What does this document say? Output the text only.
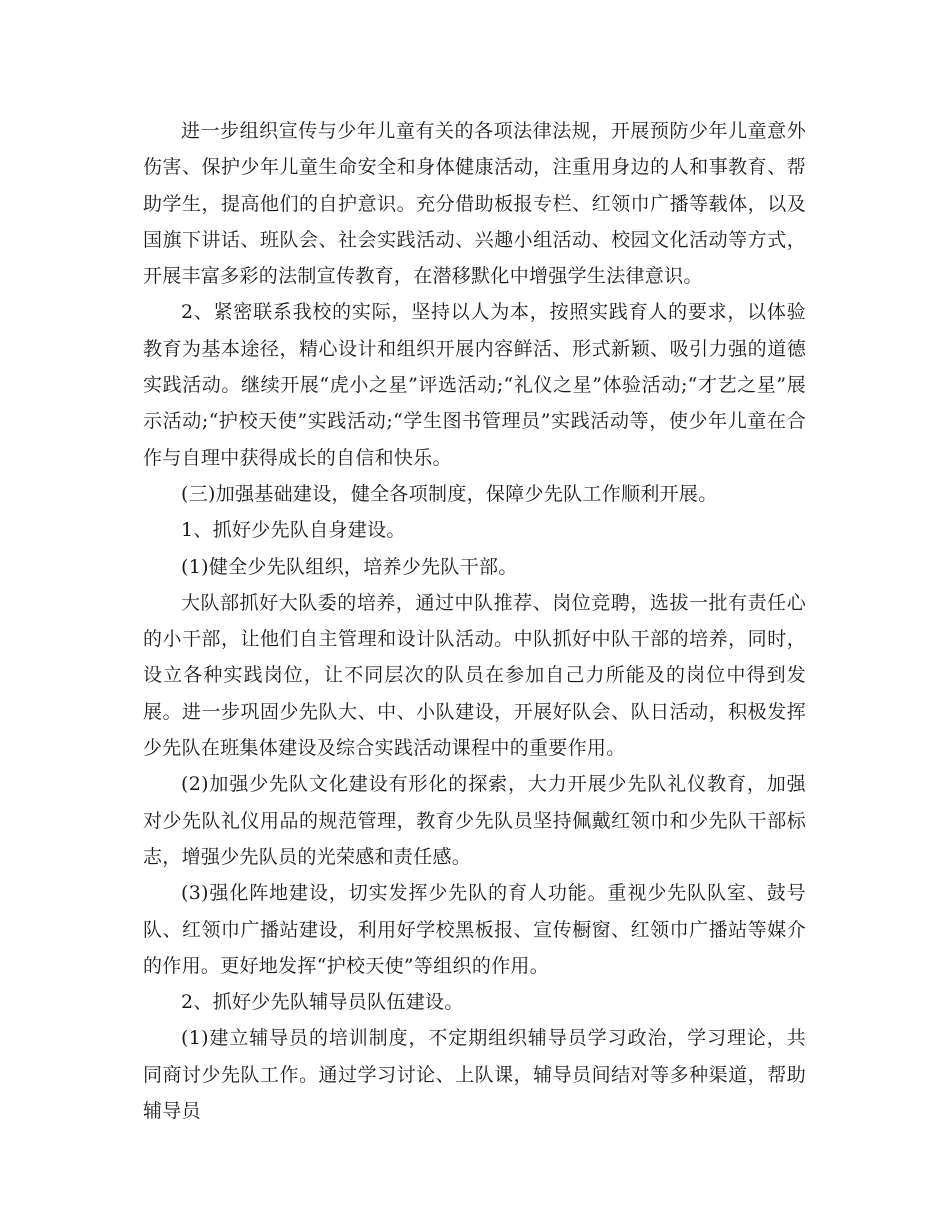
进一步组织宣传与少年儿童有关的各项法律法规，开展预防少年儿童意外伤害、保护少年儿童生命安全和身体健康活动，注重用身边的人和事教育、帮助学生，提高他们的自护意识。充分借助板报专栏、红领巾广播等载体，以及国旗下讲话、班队会、社会实践活动、兴趣小组活动、校园文化活动等方式，开展丰富多彩的法制宣传教育，在潜移默化中增强学生法律意识。

2、紧密联系我校的实际，坚持以人为本，按照实践育人的要求，以体验教育为基本途径，精心设计和组织开展内容鲜活、形式新颖、吸引力强的道德实践活动。继续开展“虎小之星”评选活动;“礼仪之星”体验活动;“才艺之星”展示活动;“护校天使”实践活动;“学生图书管理员”实践活动等，使少年儿童在合作与自理中获得成长的自信和快乐。

(三)加强基础建设，健全各项制度，保障少先队工作顺利开展。

1、抓好少先队自身建设。

(1)健全少先队组织，培养少先队干部。

大队部抓好大队委的培养，通过中队推荐、岗位竞聘，选拔一批有责任心的小干部，让他们自主管理和设计队活动。中队抓好中队干部的培养，同时，设立各种实践岗位，让不同层次的队员在参加自己力所能及的岗位中得到发展。进一步巩固少先队大、中、小队建设，开展好队会、队日活动，积极发挥少先队在班集体建设及综合实践活动课程中的重要作用。

(2)加强少先队文化建设有形化的探索，大力开展少先队礼仪教育，加强对少先队礼仪用品的规范管理，教育少先队员坚持佩戴红领巾和少先队干部标志，增强少先队员的光荣感和责任感。

(3)强化阵地建设，切实发挥少先队的育人功能。重视少先队队室、鼓号队、红领巾广播站建设，利用好学校黑板报、宣传橱窗、红领巾广播站等媒介的作用。更好地发挥“护校天使”等组织的作用。

2、抓好少先队辅导员队伍建设。

(1)建立辅导员的培训制度，不定期组织辅导员学习政治，学习理论，共同商讨少先队工作。通过学习讨论、上队课，辅导员间结对等多种渠道，帮助辅导员
